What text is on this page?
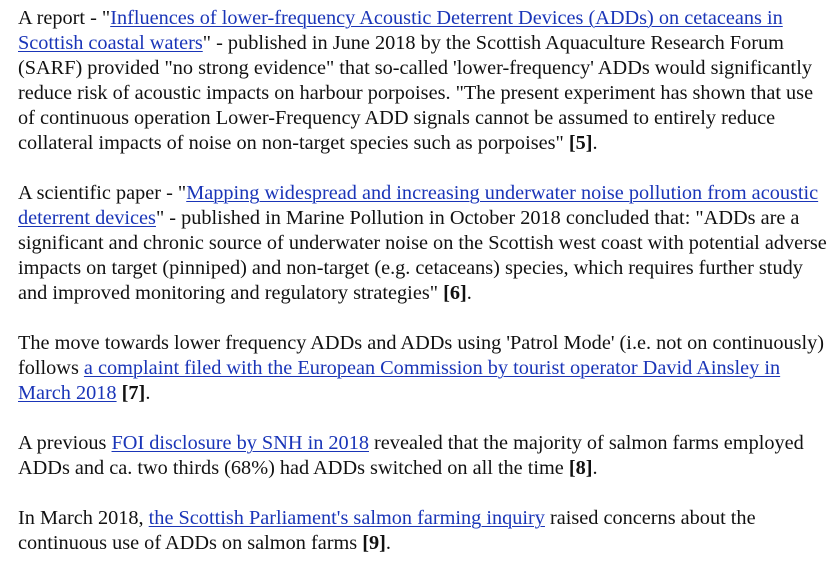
A report - "Influences of lower-frequency Acoustic Deterrent Devices (ADDs) on cetaceans in Scottish coastal waters" - published in June 2018 by the Scottish Aquaculture Research Forum (SARF) provided "no strong evidence" that so-called 'lower-frequency' ADDs would significantly reduce risk of acoustic impacts on harbour porpoises. "The present experiment has shown that use of continuous operation Lower-Frequency ADD signals cannot be assumed to entirely reduce collateral impacts of noise on non-target species such as porpoises" [5].

A scientific paper - "Mapping widespread and increasing underwater noise pollution from acoustic deterrent devices" - published in Marine Pollution in October 2018 concluded that: "ADDs are a significant and chronic source of underwater noise on the Scottish west coast with potential adverse impacts on target (pinniped) and non-target (e.g. cetaceans) species, which requires further study and improved monitoring and regulatory strategies" [6].

The move towards lower frequency ADDs and ADDs using 'Patrol Mode' (i.e. not on continuously) follows a complaint filed with the European Commission by tourist operator David Ainsley in March 2018 [7].

A previous FOI disclosure by SNH in 2018 revealed that the majority of salmon farms employed ADDs and ca. two thirds (68%) had ADDs switched on all the time [8].

In March 2018, the Scottish Parliament's salmon farming inquiry raised concerns about the continuous use of ADDs on salmon farms [9].
